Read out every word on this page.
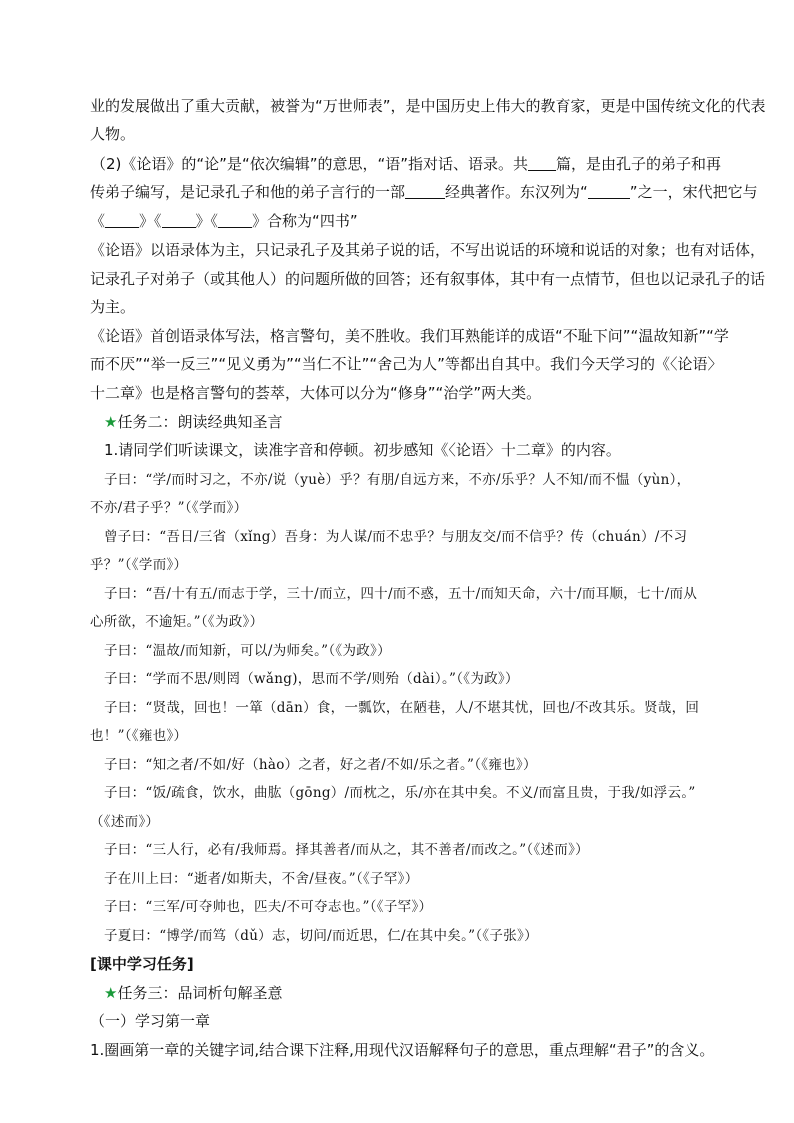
业的发展做出了重大贡献，被誉为“万世师表”，是中国历史上伟大的教育家，更是中国传统文化的代表
人物。
（2)《论语》的“论”是“依次编辑”的意思，“语”指对话、语录。共 篇，是由孔子的弟子和再
传弟子编写，是记录孔子和他的弟子言行的一部	经典著作。东汉列为“	”之一，宋代把它与
《 》《 》《 》合称为“四书”
《论语》以语录体为主，只记录孔子及其弟子说的话，不写出说话的环境和说话的对象；也有对话体，
记录孔子对弟子（或其他人）的问题所做的回答；还有叙事体，其中有一点情节，但也以记录孔子的话
为主。
《论语》首创语录体写法，格言警句，美不胜收。我们耳熟能详的成语“不耻下问”“温故知新”“学
而不厌”“举一反三”“见义勇为”“当仁不让”“舍己为人”等都出自其中。我们今天学习的《〈论语〉
十二章》也是格言警句的荟萃，大体可以分为“修身”“治学”两大类。
★任务二：朗读经典知圣言
1.请同学们听读课文，读准字音和停顿。初步感知《〈论语〉十二章》的内容。
子曰：“学/而时习之，不亦/说（yuè）乎？有朋/自远方来，不亦/乐乎？人不知/而不愠（yùn），
不亦/君子乎？”（《学而》）
曾子曰：“吾日/三省（xǐng）吾身：为人谋/而不忠乎？与朋友交/而不信乎？传（chuán）/不习
乎？”（《学而》）
子曰：“吾/十有五/而志于学，三十/而立，四十/而不惑，五十/而知天命，六十/而耳顺，七十/而从
心所欲，不逾矩。”（《为政》）
子曰：“温故/而知新，可以/为师矣。”（《为政》）
子曰：“学而不思/则罔（wǎng)，思而不学/则殆（dài）。”（《为政》）
子曰：“贤哉，回也！一箪（dān）食，一瓢饮，在陋巷，人/不堪其忧，回也/不改其乐。贤哉，回
也！”（《雍也》）
子曰：“知之者/不如/好（hào）之者，好之者/不如/乐之者。”（《雍也》）
子曰：“饭/疏食，饮水，曲肱（gōng）/而枕之，乐/亦在其中矣。不义/而富且贵，于我/如浮云。”
（《述而》）
子曰：“三人行，必有/我师焉。择其善者/而从之，其不善者/而改之。”（《述而》）
子在川上曰：“逝者/如斯夫，不舍/昼夜。”（《子罕》）
子曰：“三军/可夺帅也，匹夫/不可夺志也。”（《子罕》）
子夏曰：“博学/而笃（dǔ）志，切问/而近思，仁/在其中矣。”（《子张》）
[课中学习任务]
★任务三：品词析句解圣意
（一）学习第一章
1.圈画第一章的关键字词,结合课下注释,用现代汉语解释句子的意思，重点理解“君子”的含义。
